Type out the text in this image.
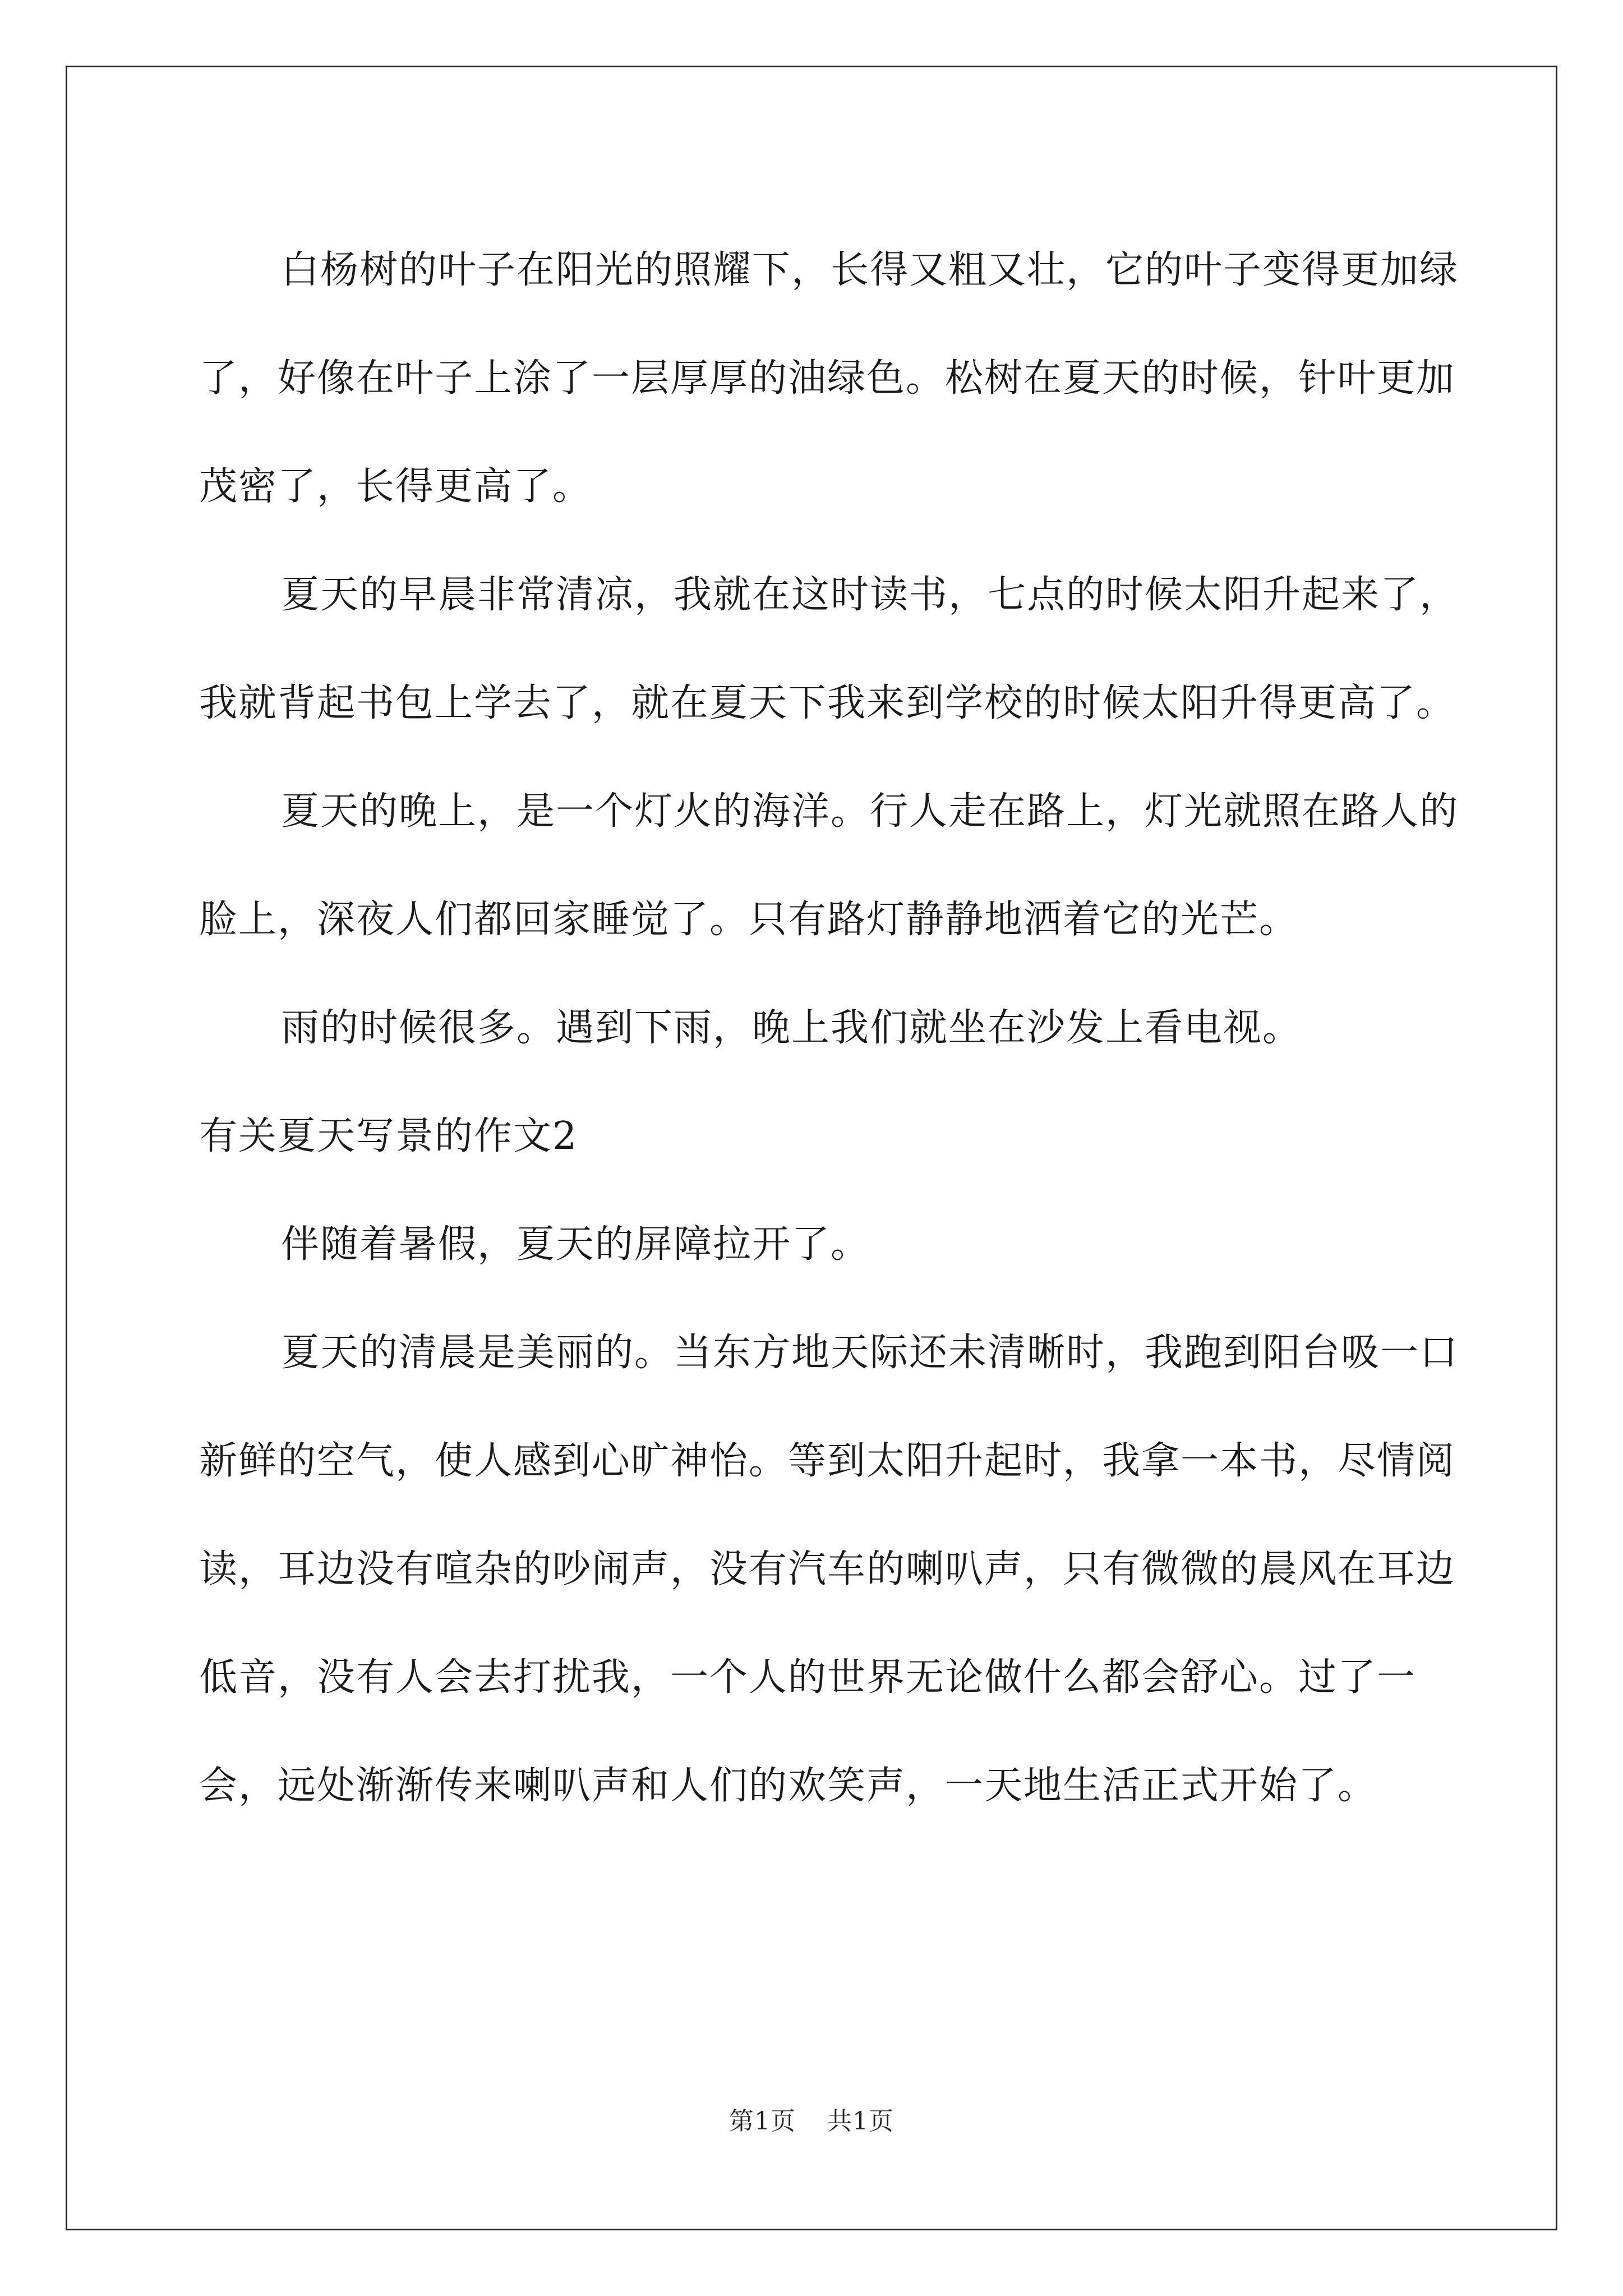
白杨树的叶子在阳光的照耀下，长得又粗又壮，它的叶子变得更加绿了，好像在叶子上涂了一层厚厚的油绿色。松树在夏天的时候，针叶更加茂密了，长得更高了。

夏天的早晨非常清凉，我就在这时读书，七点的时候太阳升起来了，我就背起书包上学去了，就在夏天下我来到学校的时候太阳升得更高了。

夏天的晚上，是一个灯火的海洋。行人走在路上，灯光就照在路人的脸上，深夜人们都回家睡觉了。只有路灯静静地洒着它的光芒。

雨的时候很多。遇到下雨，晚上我们就坐在沙发上看电视。

有关夏天写景的作文2

伴随着暑假，夏天的屏障拉开了。

夏天的清晨是美丽的。当东方地天际还未清晰时，我跑到阳台吸一口新鲜的空气，使人感到心旷神怡。等到太阳升起时，我拿一本书，尽情阅读，耳边没有喧杂的吵闹声，没有汽车的喇叭声，只有微微的晨风在耳边低音，没有人会去打扰我，一个人的世界无论做什么都会舒心。过了一会，远处渐渐传来喇叭声和人们的欢笑声，一天地生活正式开始了。

第1页 共1页
